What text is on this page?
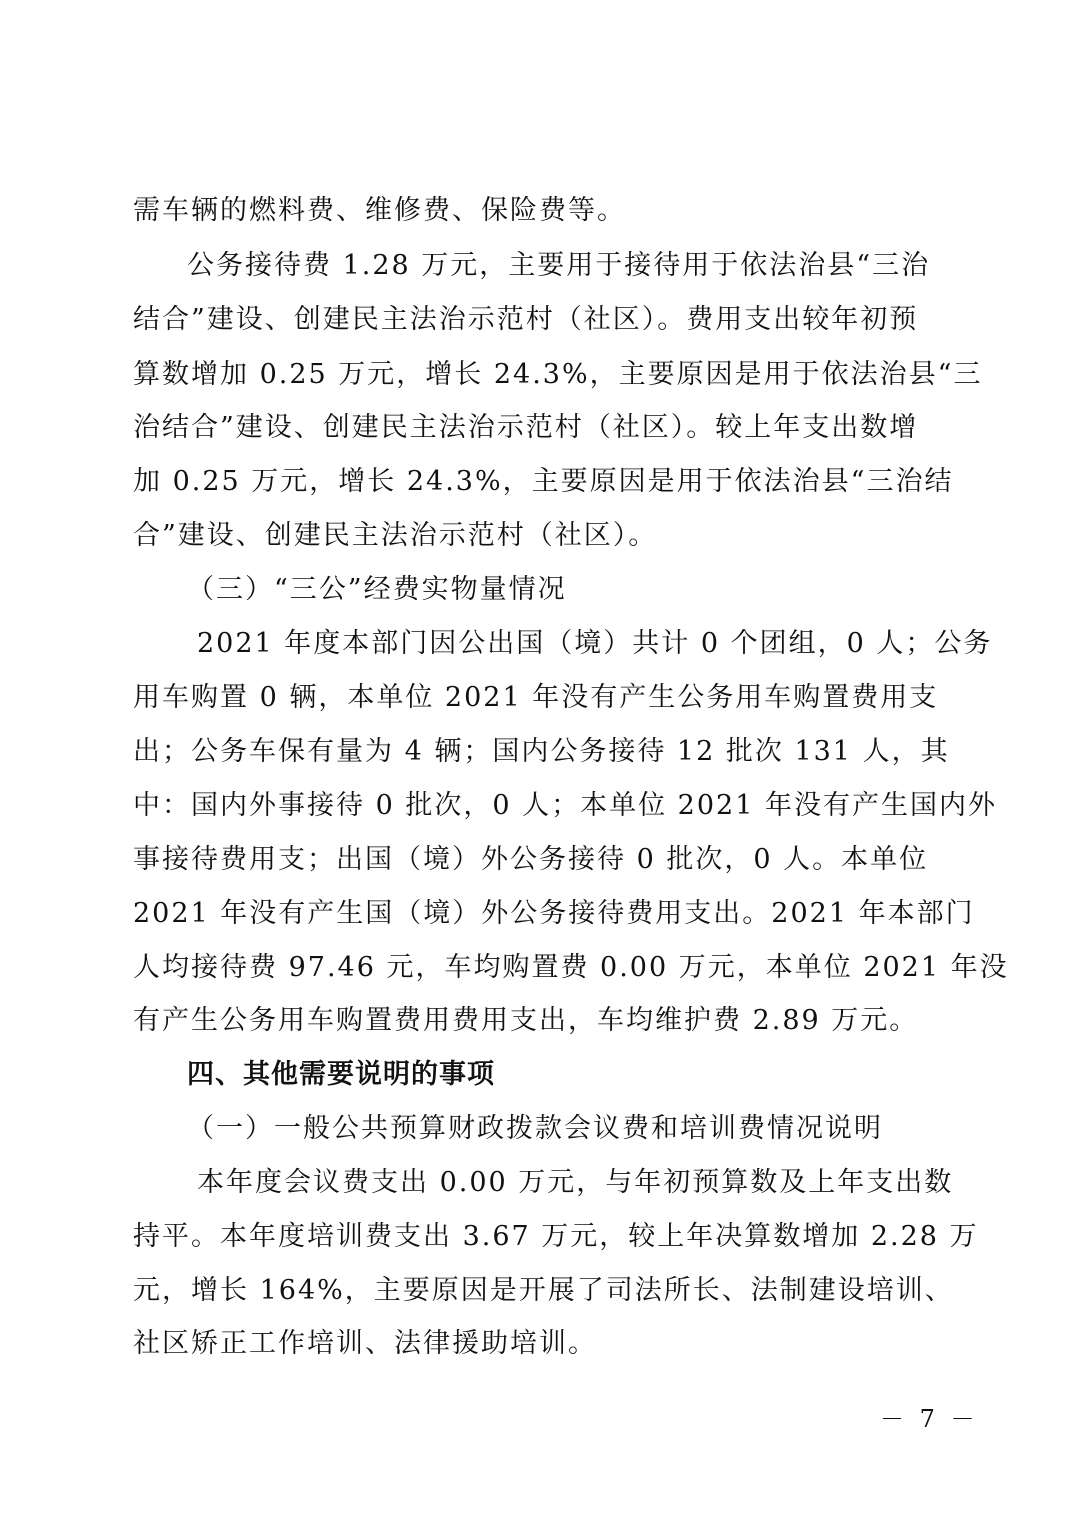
需车辆的燃料费、维修费、保险费等。
公务接待费 1.28 万元，主要用于接待用于依法治县“三治
结合”建设、创建民主法治示范村（社区）。费用支出较年初预
算数增加 0.25 万元，增长 24.3%，主要原因是用于依法治县“三
治结合”建设、创建民主法治示范村（社区）。较上年支出数增
加 0.25 万元，增长 24.3%，主要原因是用于依法治县“三治结
合”建设、创建民主法治示范村（社区）。
（三）“三公”经费实物量情况
2021 年度本部门因公出国（境）共计 0 个团组，0 人；公务
用车购置 0 辆，本单位 2021 年没有产生公务用车购置费用支
出；公务车保有量为 4 辆；国内公务接待 12 批次 131 人，其
中：国内外事接待 0 批次，0 人；本单位 2021 年没有产生国内外
事接待费用支；出国（境）外公务接待 0 批次，0 人。本单位
2021 年没有产生国（境）外公务接待费用支出。2021 年本部门
人均接待费 97.46 元，车均购置费 0.00 万元，本单位 2021 年没
有产生公务用车购置费用费用支出，车均维护费 2.89 万元。
四、其他需要说明的事项
（一）一般公共预算财政拨款会议费和培训费情况说明
本年度会议费支出 0.00 万元，与年初预算数及上年支出数
持平。本年度培训费支出 3.67 万元，较上年决算数增加 2.28 万
元，增长 164%，主要原因是开展了司法所长、法制建设培训、
社区矫正工作培训、法律援助培训。
－ 7 －
